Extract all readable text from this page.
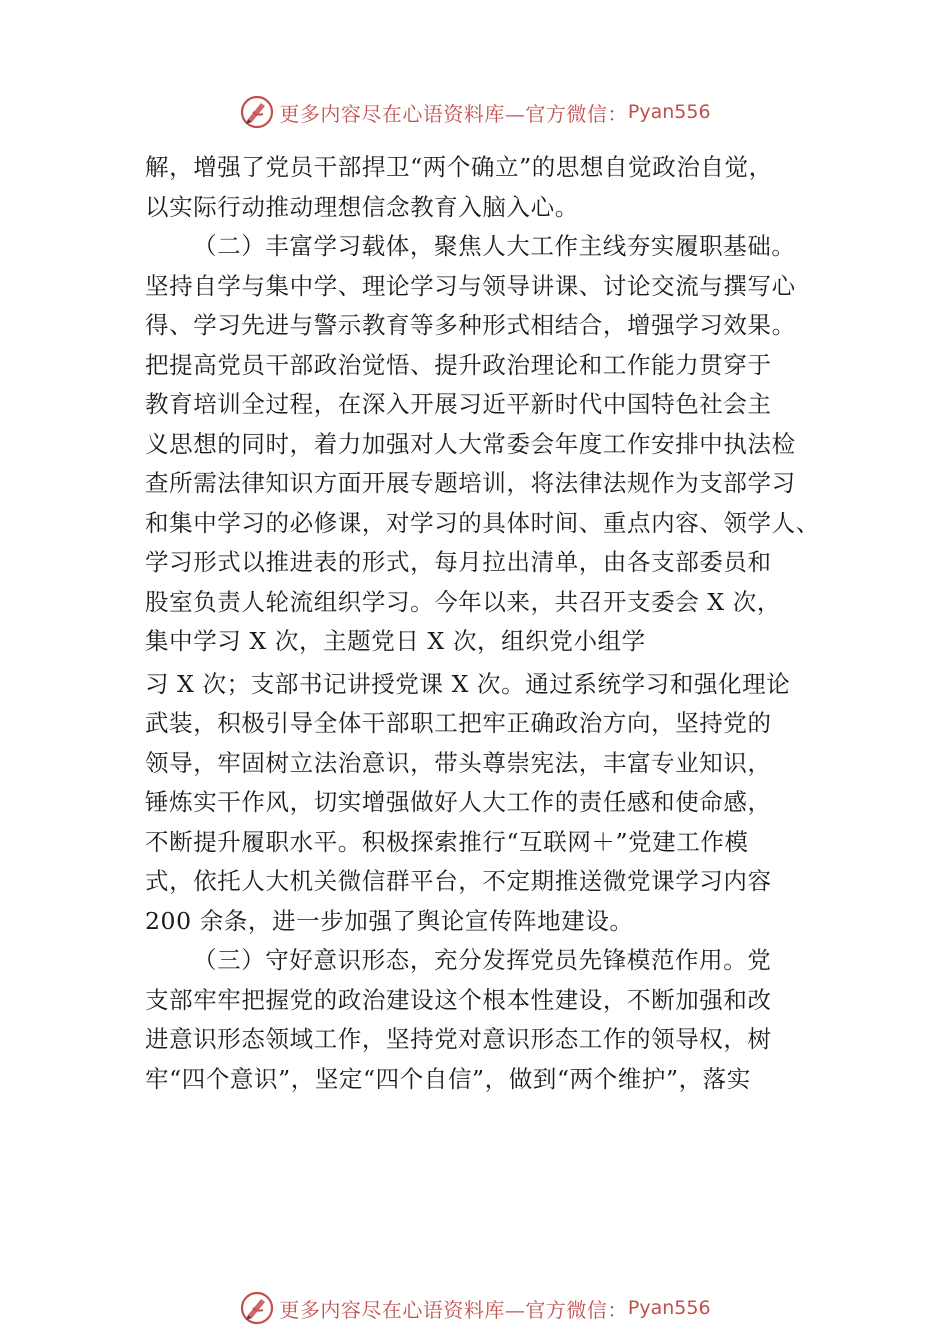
更多内容尽在心语资料库—官方微信： Pyan556
解，增强了党员干部捍卫“两个确立”的思想自觉政治自觉，
以实际行动推动理想信念教育入脑入心。
（二）丰富学习载体，聚焦人大工作主线夯实履职基础。
坚持自学与集中学、理论学习与领导讲课、讨论交流与撰写心
得、学习先进与警示教育等多种形式相结合，增强学习效果。
把提高党员干部政治觉悟、提升政治理论和工作能力贯穿于
教育培训全过程，在深入开展习近平新时代中国特色社会主
义思想的同时，着力加强对人大常委会年度工作安排中执法检
查所需法律知识方面开展专题培训，将法律法规作为支部学习
和集中学习的必修课，对学习的具体时间、重点内容、领学人、
学习形式以推进表的形式，每月拉出清单，由各支部委员和
股室负责人轮流组织学习。今年以来，共召开支委会 X 次，
集中学习 X 次，主题党日 X 次，组织党小组学
习 X 次；支部书记讲授党课 X 次。通过系统学习和强化理论
武装，积极引导全体干部职工把牢正确政治方向，坚持党的
领导，牢固树立法治意识，带头尊崇宪法，丰富专业知识，
锤炼实干作风，切实增强做好人大工作的责任感和使命感，
不断提升履职水平。积极探索推行“互联网＋”党建工作模
式，依托人大机关微信群平台，不定期推送微党课学习内容
200 余条，进一步加强了舆论宣传阵地建设。
（三）守好意识形态，充分发挥党员先锋模范作用。党
支部牢牢把握党的政治建设这个根本性建设，不断加强和改
进意识形态领域工作，坚持党对意识形态工作的领导权，树
牢“四个意识”，坚定“四个自信”，做到“两个维护”，落实
更多内容尽在心语资料库—官方微信： Pyan556
